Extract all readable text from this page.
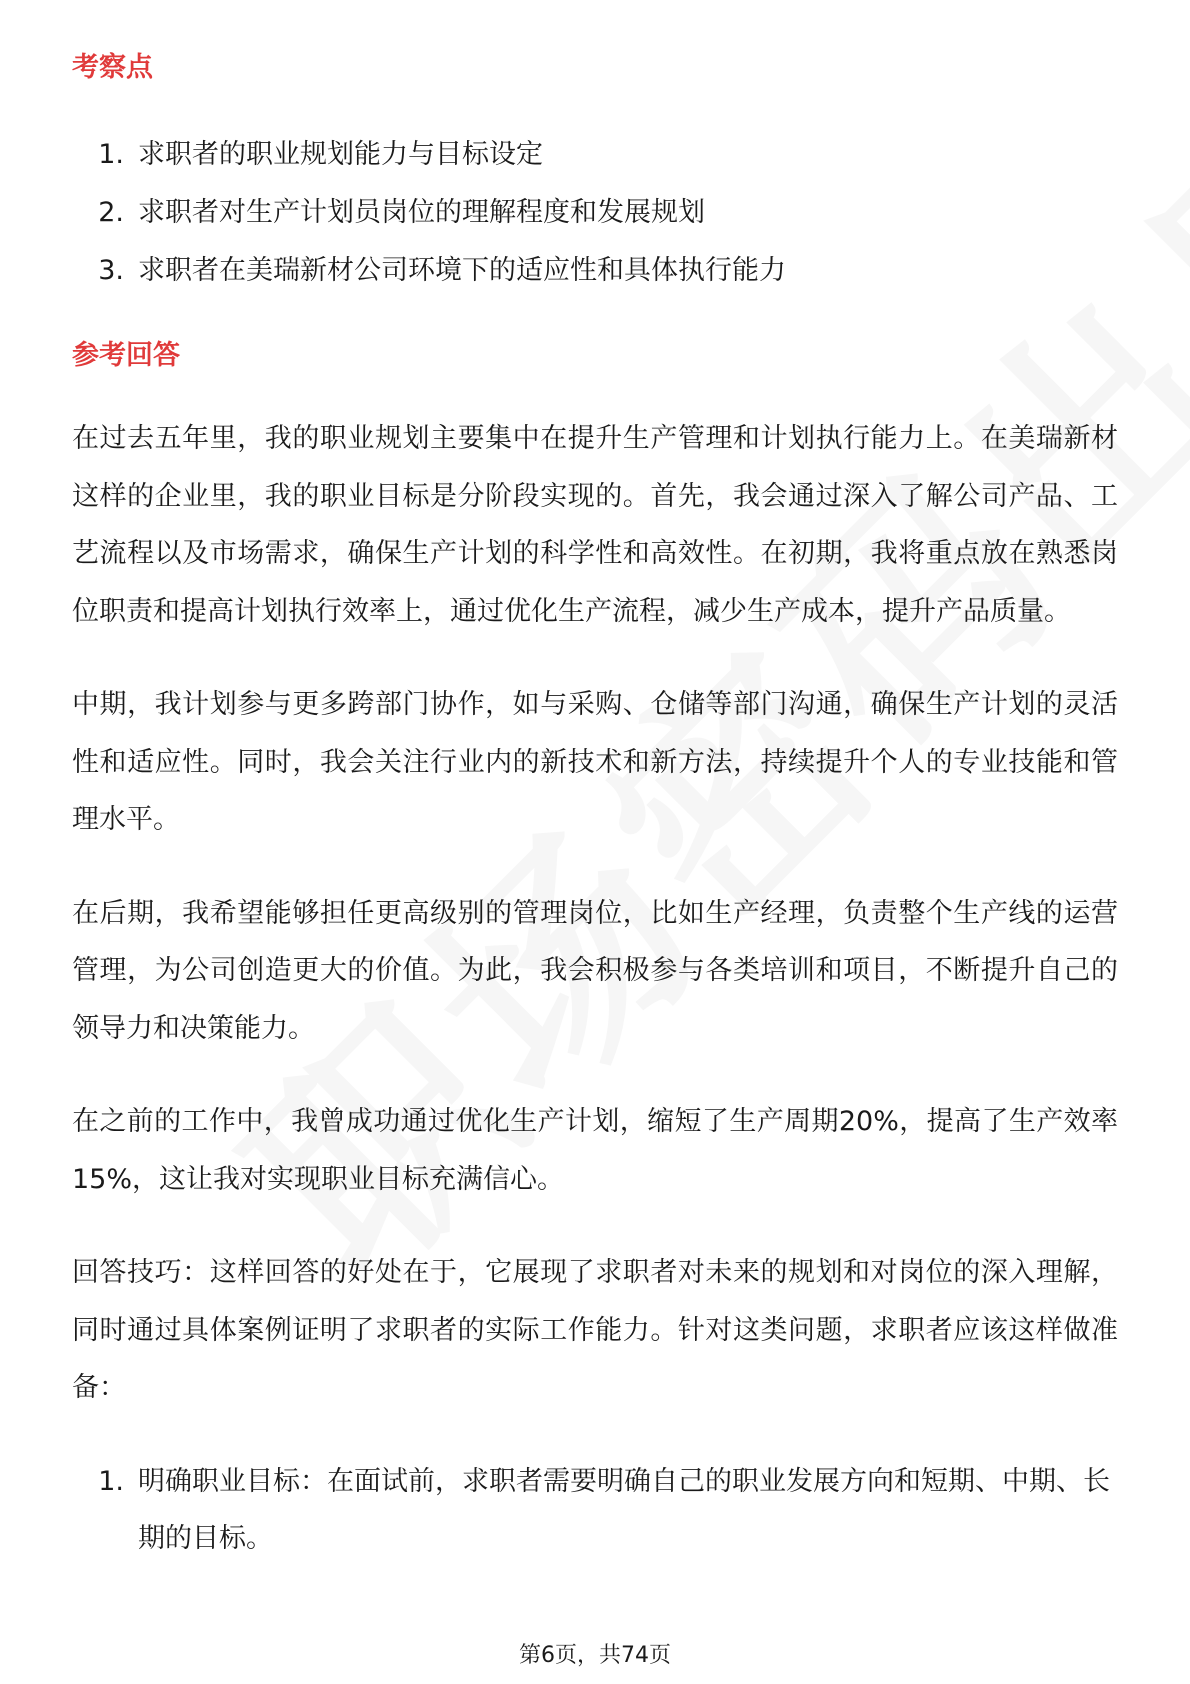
考察点
1. 求职者的职业规划能力与目标设定
2. 求职者对生产计划员岗位的理解程度和发展规划
3. 求职者在美瑞新材公司环境下的适应性和具体执行能力
参考回答

在过去五年里，我的职业规划主要集中在提升生产管理和计划执行能力上。在美瑞新材这样的企业里，我的职业目标是分阶段实现的。首先，我会通过深入了解公司产品、工艺流程以及市场需求，确保生产计划的科学性和高效性。在初期，我将重点放在熟悉岗位职责和提高计划执行效率上，通过优化生产流程，减少生产成本，提升产品质量。

中期，我计划参与更多跨部门协作，如与采购、仓储等部门沟通，确保生产计划的灵活性和适应性。同时，我会关注行业内的新技术和新方法，持续提升个人的专业技能和管理水平。

在后期，我希望能够担任更高级别的管理岗位，比如生产经理，负责整个生产线的运营管理，为公司创造更大的价值。为此，我会积极参与各类培训和项目，不断提升自己的领导力和决策能力。

在之前的工作中，我曾成功通过优化生产计划，缩短了生产周期20%，提高了生产效率15%，这让我对实现职业目标充满信心。

回答技巧：这样回答的好处在于，它展现了求职者对未来的规划和对岗位的深入理解，同时通过具体案例证明了求职者的实际工作能力。针对这类问题，求职者应该这样做准备：

1. 明确职业目标：在面试前，求职者需要明确自己的职业发展方向和短期、中期、长期的目标。
第6页，共74页
